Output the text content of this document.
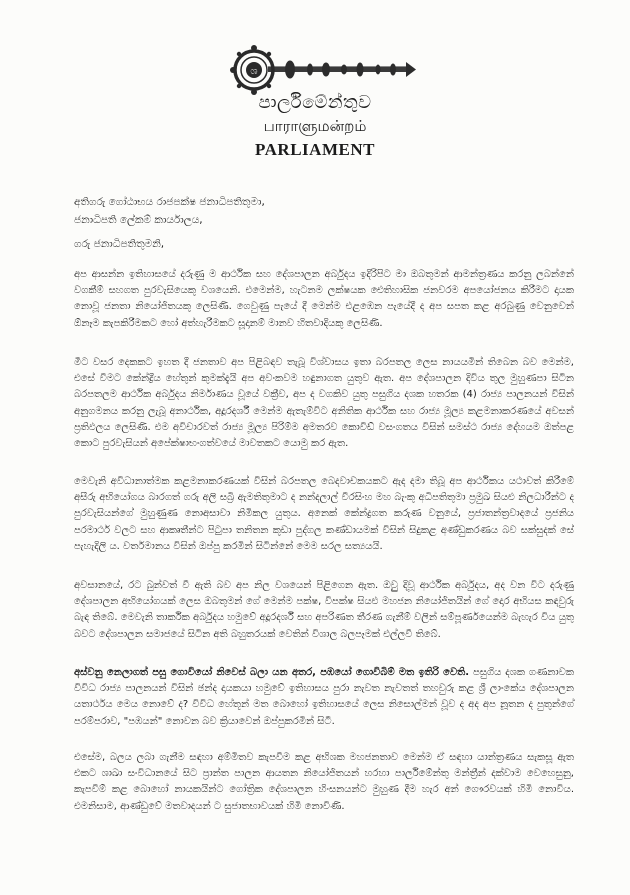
ශ
පාර්ලිමේන්තුව
பாராளுமன்றம்
PARLIAMENT
අතිගරු ගෝඨාභය රාජපක්ෂ ජනාධිපතිතුමා,
ජනාධිපති ලේකම් කාර්යාලය,
ගරු ජනාධිපතිතුමනි,

අප ආසන්න ඉතිහාසයේ දරුණු ම ආර්ථික සහ දේශපාලන අර්බුදය ඉදිරිපිට මා ඔබතුමන් ආමන්ත්‍රණය කරනු ලබන්නේ වගකීම් සහගත පුරවැසියෙකු වශයෙනි. එමෙන්ම, හැටනම ලක්ෂයක ඓතිහාසික ජනවරම අපයෝජනය කිරීමට දායක නොවූ ජනතා නියෝජිතයකු ලෙසිණි. ගෙවුණු පැයේ දී මෙන්ම එළඹෙන පැයේදී ද අප සපත කළ අරබුණු වෙනුවෙන් ඕනෑම කැපකිරීමකට හෝ අත්හැරීමකට සූදානම් මානව හිතවාදියකු ලෙසිණි.

මීට වසර දෙකකට ඉහත දී ජනතාව අප පිළිබඳව තැබූ විශ්වාසය ඉතා බරපතල ලෙස නායයමින් තිබෙන බව මෙන්ම, එසේ වීමට කේන්ද්‍රීය හේතුන් කුමක්දැයි අප අවංකවම හඳුනාගත යුතුව ඇත. අප දේශපාලන දිවිය තුල මුහුණපා සිටින බරපතලම ආර්ථික අර්බුදය නිර්මාණය වූයේ වක්‍රීව, අප ද වගකිව යුතු පසුගිය දශක හතරක (4) රාජ්‍ය පාලනයන් විසින් අනුගමනය කරනු ලැබූ අනාර්ථික, අදූරදර්ශී මෙන්ම ඇතැම්විට අනිතික ආර්ථික සහ රාජ්‍ය මූල්‍ය කළමනාකරණයේ අවසන් ප්‍රතිඵලය ලෙසිණි. එම අවිචාරවත් රාජ්‍ය මූල්‍ය පිරිම්ම අමතරව කොවිඩ් වසංගතය විසින් සමස්ථ රාජ්‍ය දේහයම ඔත්පළ කොට පුරවැසියන් අපේක්ෂාභංගත්වයේ මාවතකට යොමු කර ඇත.

මෙවැනි අවිධානාත්මක කළමනාකරණයක් විසින් බරපතල බෙදවාචකයකට ඇද දමා තිබූ අප ආර්ථිකය යථාවත් කිරීමේ අසීරු අභියෝගය බාරගත් ගරු අලි සබ්‍රි ඇමතිතුමාට ද නන්දලාල් වීරසිංහ මහ බැංකු අධිපතිතුමා ප්‍රමුඛ සියළු නිලධාරීන්ට ද පුරවැසියන්ගේ මුහුණුණ නොඅසාවා නිමිකල යුතුය. අනෙක් කේන්ද්‍රගත කරුණ වනුයේ, ප්‍රජාතන්ත්‍රවාදයේ ප්‍රජනිය පරමාර්ථ වලට සහ ආකෘතීන්ට පිටුපා තනිතන කුඩා පුද්ගල කණ්ඩායමක් විසින් සිදුකළ අණ්ඩුකරණය බව සක්සුදක් සේ පැහැදිලි ය. වර්තමානය විසින් ඔප්පු කරමින් සිටින්නේ මෙම සරල සත්‍යයයි.

අවසානයේ, රට බුන්වත් වී ඇති බව අප නිල වශයෙන් පිළිගෙන ඇත. ඔවුු දිවූ ආර්ථික අර්බුදය, අද වන විට දරුණු දේශපාලන අභියෝගයක් ලෙස ඔබතුමන් ගේ මෙන්ම පක්ෂ, විපක්ෂ සියළු මහජන නියෝජිතයින් ගේ දොර අභියස කඳවුරු බැඳ තිබේ. මෙවැනි තාර්කික අර්බුදය හමුවේ අදූරදර්ශී සහ අපරිණත තීරණ ගැනීම් වලින් සම්පූර්ණයෙන්ම බැහැර විය යුතු බවට දේශපාලන සමාජයේ සිටින අති බහුතරයක් වෙතින් විශාල බලපෑමක් එල්ලවී තිබේ.

අස්වනු නෙලාගත් පසු ගොවියෝ නිවෙස් බලා යන අතර, පඹයෝ ගොවිබිම් මත ඉතිරි වෙති. පසුගිය දශක ගණනාවක විවිධ රාජ්‍ය පාලනයන් විසින් ඡන්ද දායකයා හමුවේ ඉතිහාසය පුරා නැවත නැවතත් තහවුරු කළ ශ්‍රී ලාංකේය දේශපාලන යතාර්ථය මෙය නොවේ ද? විවිධ හේතූන් මත බොහෝ ඉතිහාසයේ ලෙස නිසොල්මන් වූව ද අද අප නූතන ද පුතුන්ගේ පරම්පරාව, "පඹයන්" නොවන බව ක්‍රියාවෙන් ඔප්පුකරමින් සිටී.

එසේම, බලය ලබා ගැනීම සඳහා අම්මිතව කැපවීම කළ අභිශක මහජනතාව මෙන්ම ඒ සඳහා යාන්ත්‍රණය සැකසූ ඇත එකට ශාඛා සංවිධානයේ සිට ප්‍රාන්ත පාලන ආයතන නියෝජිතයන් හරහා පාර්ලිමේන්තු මන්ත්‍රීන් දක්වාම වෙහෙසුනු, කැපවීම් කළ බොහෝ නායකයින්ට ගෝත්‍රික දේශපාලන හිංසනයන්ට මුහුණ දීම හැර අන් ගෞරවයක් හිමි නොවිය. එමනිසාම, ආණ්ඩුවේ මතවාදයන් ට සුජාතභාවයක් හිමි නොවිණි.
